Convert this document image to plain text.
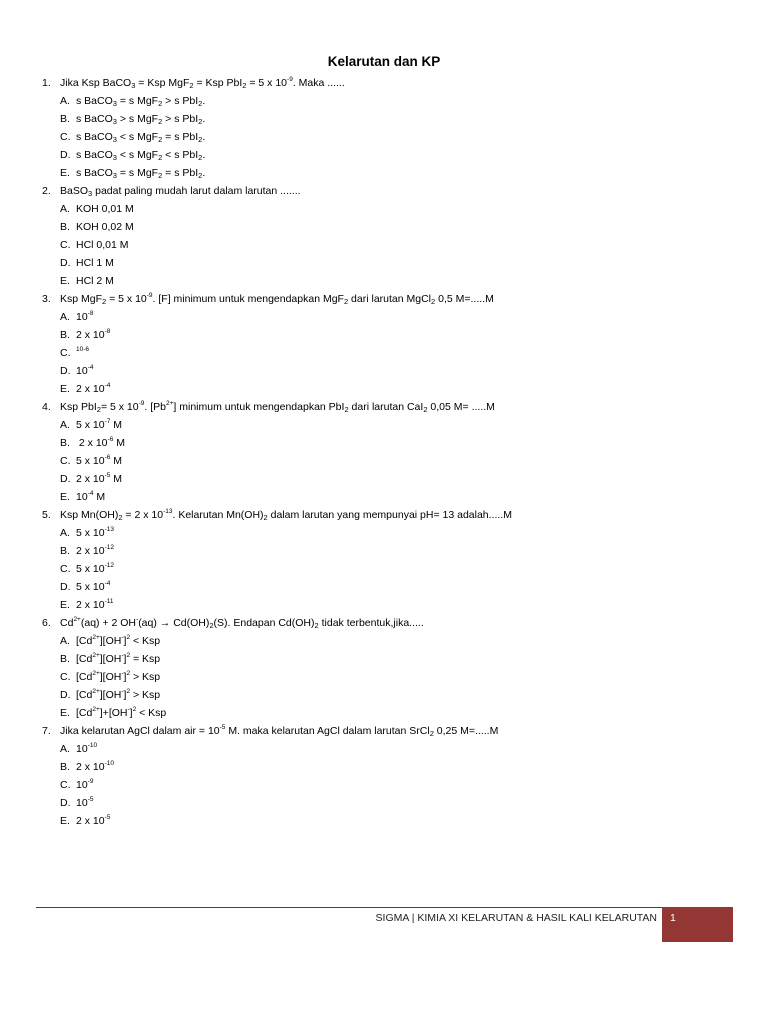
Kelarutan dan KP
1. Jika Ksp BaCO$_3$ = Ksp MgF$_2$ = Ksp PbI$_2$ = 5 x $10^{-9}$. Maka ......
A. s BaCO$_3$ = s MgF$_2$ > s PbI$_2$.
B. s BaCO$_3$ > s MgF$_2$ > s PbI$_2$.
C. s BaCO$_3$ < s MgF$_2$ = s PbI$_2$.
D. s BaCO$_3$ < s MgF$_2$ < s PbI$_2$.
E. s BaCO$_3$ = s MgF$_2$ = s PbI$_2$.
2. BaSO$_3$ padat paling mudah larut dalam larutan .......
A. KOH 0,01 M
B. KOH 0,02 M
C. HCl 0,01 M
D. HCl 1 M
E. HCl 2 M
3. Ksp MgF$_2$ = 5 x $10^{-9}$. [F] minimum untuk mengendapkan MgF$_2$ dari larutan MgCl$_2$ 0,5 M=.....M
A. $10^{-8}$
B. 2 x $10^{-8}$
C. $^{10-6}$
D. $10^{-4}$
E. 2 x $10^{-4}$
4. Ksp PbI$_2$= 5 x $10^{-9}$. $[Pb^{2+}]$ minimum untuk mengendapkan PbI$_2$ dari larutan CaI$_2$ 0,05 M= .....M
A. 5 x $10^{-7}$ M
B. 2 x $10^{-6}$ M
C. 5 x $10^{-6}$ M
D. 2 x $10^{-5}$ M
E. $10^{-4}$ M
5. Ksp $Mn(OH)_2 = 2$ x $10^{-13}$. Kelarutan $Mn(OH)_2$ dalam larutan yang mempunyai pH= 13 adalah.....M
A. 5 x $10^{-13}$
B. 2 x $10^{-12}$
C. 5 x $10^{-12}$
D. 5 x $10^{-4}$
E. 2 x $10^{-11}$
6. $Cd^{2+}(aq) + 2$ $OH^-(aq) \to Cd(OH)_2(S)$. Endapan $Cd(OH)_2$ tidak terbentuk,jika.....
A. $[Cd^{2+}][OH^-]^2$ < Ksp
B. $[Cd^{2+}][OH^-]^2$ = Ksp
C. $[Cd^{2+}][OH^-]^2$ > Ksp
D. $[Cd^{2+}][OH^-]^2$ > Ksp
E. $[Cd^{2+}]+[OH^-]^2$ < Ksp
7. Jika kelarutan AgCl dalam air = $10^{-5}$ M. maka kelarutan AgCl dalam larutan SrCl$_2$ 0,25 M=.....M
A. $10^{-10}$
B. 2 x $10^{-10}$
C. $10^{-9}$
D. $10^{-5}$
E. 2 x $10^{-5}$
SIGMA | KIMIA XI KELARUTAN & HASIL KALI KELARUTAN 1
